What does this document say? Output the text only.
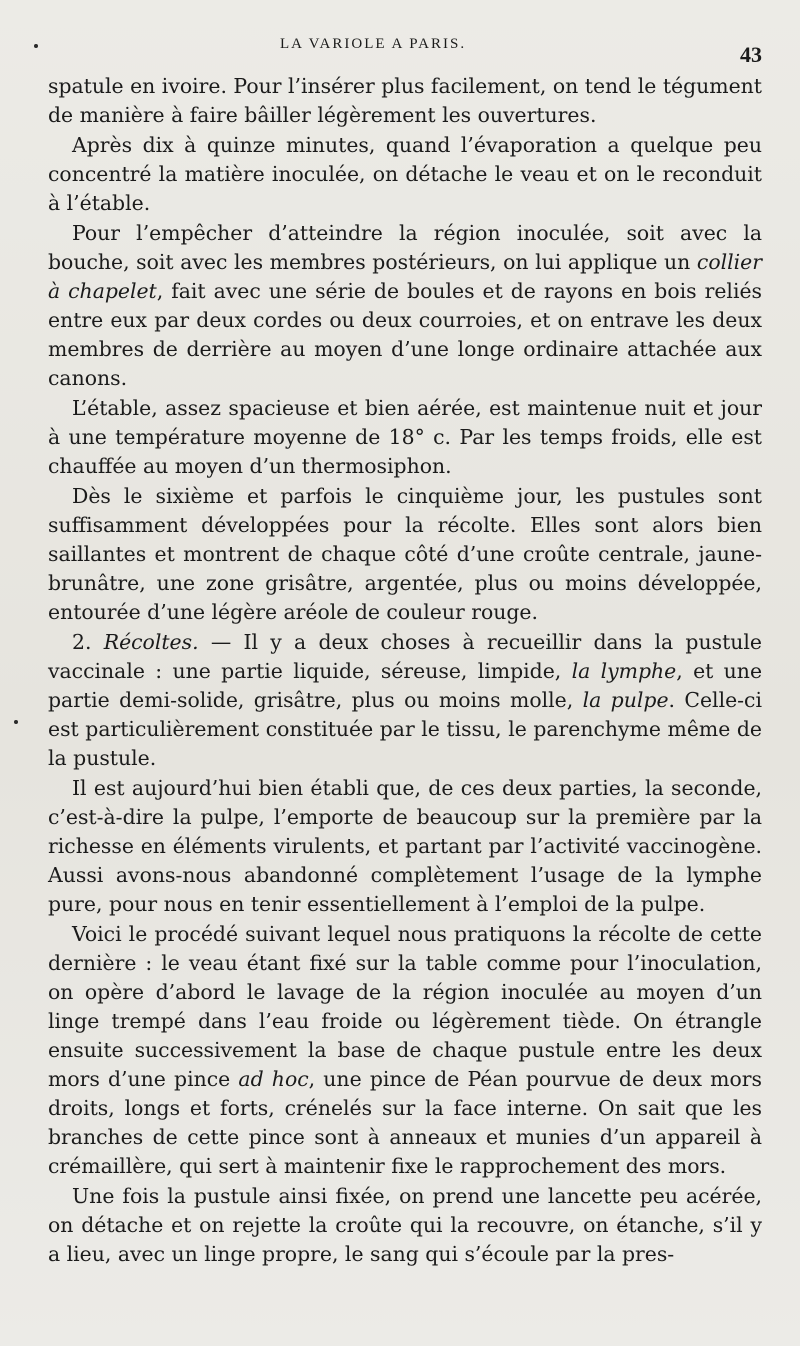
LA VARIOLE A PARIS.	43

spatule en ivoire. Pour l’insérer plus facilement, on tend le tégument de manière à faire bâiller légèrement les ouvertures.

Après dix à quinze minutes, quand l’évaporation a quelque peu concentré la matière inoculée, on détache le veau et on le reconduit à l’étable.

Pour l’empêcher d’atteindre la région inoculée, soit avec la bouche, soit avec les membres postérieurs, on lui applique un collier à chapelet, fait avec une série de boules et de rayons en bois reliés entre eux par deux cordes ou deux courroies, et on entrave les deux membres de derrière au moyen d’une longe ordinaire attachée aux canons.

L’étable, assez spacieuse et bien aérée, est maintenue nuit et jour à une température moyenne de 18° c. Par les temps froids, elle est chauffée au moyen d’un thermosiphon.

Dès le sixième et parfois le cinquième jour, les pustules sont suffisamment développées pour la récolte. Elles sont alors bien saillantes et montrent de chaque côté d’une croûte centrale, jaune-brunâtre, une zone grisâtre, argentée, plus ou moins développée, entourée d’une légère aréole de couleur rouge.

2. Récoltes. — Il y a deux choses à recueillir dans la pustule vaccinale : une partie liquide, séreuse, limpide, la lymphe, et une partie demi-solide, grisâtre, plus ou moins molle, la pulpe. Celle-ci est particulièrement constituée par le tissu, le parenchyme même de la pustule.

Il est aujourd’hui bien établi que, de ces deux parties, la seconde, c’est-à-dire la pulpe, l’emporte de beaucoup sur la première par la richesse en éléments virulents, et partant par l’activité vaccinogène. Aussi avons-nous abandonné complètement l’usage de la lymphe pure, pour nous en tenir essentiellement à l’emploi de la pulpe.

Voici le procédé suivant lequel nous pratiquons la récolte de cette dernière : le veau étant fixé sur la table comme pour l’inoculation, on opère d’abord le lavage de la région inoculée au moyen d’un linge trempé dans l’eau froide ou légèrement tiède. On étrangle ensuite successivement la base de chaque pustule entre les deux mors d’une pince ad hoc, une pince de Péan pourvue de deux mors droits, longs et forts, crénelés sur la face interne. On sait que les branches de cette pince sont à anneaux et munies d’un appareil à crémaillère, qui sert à maintenir fixe le rapprochement des mors.

Une fois la pustule ainsi fixée, on prend une lancette peu acérée, on détache et on rejette la croûte qui la recouvre, on étanche, s’il y a lieu, avec un linge propre, le sang qui s’écoule par la pres-
